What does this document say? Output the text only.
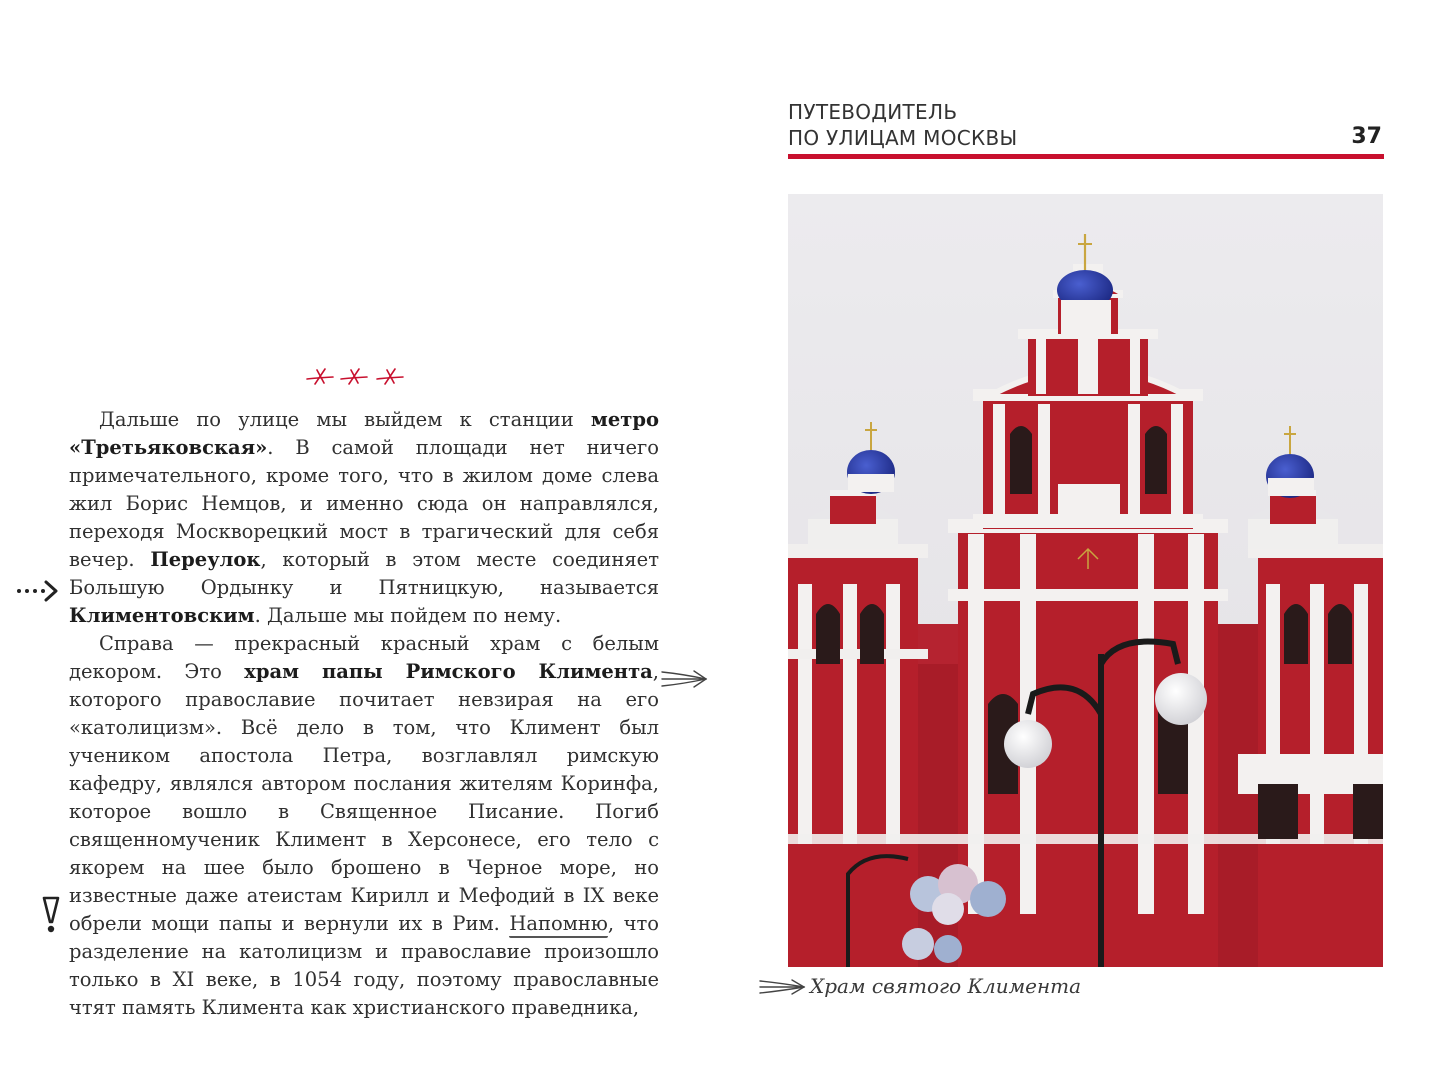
Дальше по улице мы выйдем к станции метро «Третьяковская». В самой площади нет ничего примечательного, кроме того, что в жилом доме слева жил Борис Немцов, и именно сюда он направлялся, переходя Москворецкий мост в трагический для себя вечер. Переулок, который в этом месте соединяет Большую Ордынку и Пятницкую, называется Климентовским. Дальше мы пойдем по нему.

Справа — прекрасный красный храм с белым декором. Это храм папы Римского Климента, которого православие почитает невзирая на его «католицизм». Всё дело в том, что Климент был учеником апостола Петра, возглавлял римскую кафедру, являлся автором послания жителям Коринфа, которое вошло в Священное Писание. Погиб священномученик Климент в Херсонесе, его тело с якорем на шее было брошено в Черное море, но известные даже атеистам Кирилл и Мефодий в IX веке обрели мощи папы и вернули их в Рим. Напомню, что разделение на католицизм и православие произошло только в XI веке, в 1054 году, поэтому православные чтят память Климента как христианского праведника,

ПУТЕВОДИТЕЛЬ
ПО УЛИЦАМ МОСКВЫ	37
Храм святого Климента
